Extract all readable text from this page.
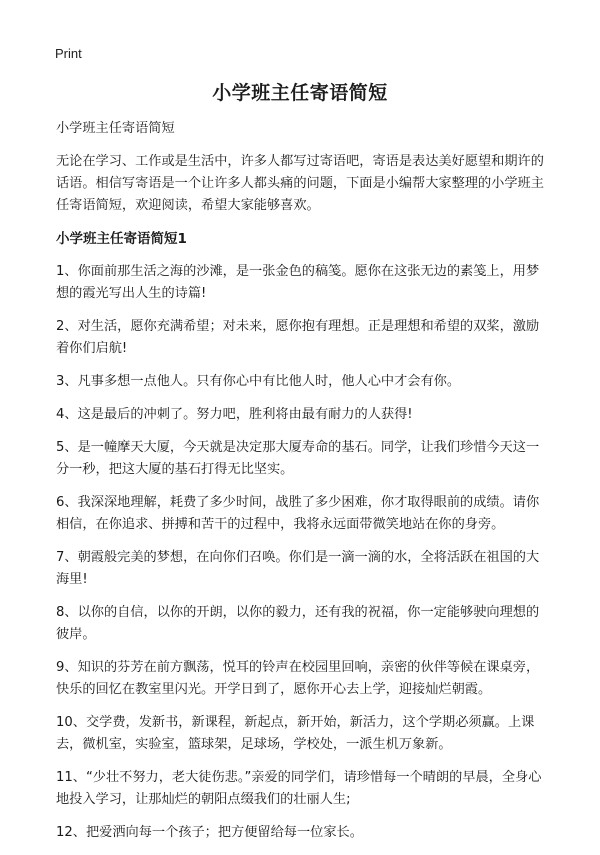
Print
小学班主任寄语简短

小学班主任寄语简短

无论在学习、工作或是生活中，许多人都写过寄语吧，寄语是表达美好愿望和期许的话语。相信写寄语是一个让许多人都头痛的问题，下面是小编帮大家整理的小学班主任寄语简短，欢迎阅读，希望大家能够喜欢。

小学班主任寄语简短1

1、你面前那生活之海的沙滩，是一张金色的稿笺。愿你在这张无边的素笺上，用梦想的霞光写出人生的诗篇!

2、对生活，愿你充满希望；对未来，愿你抱有理想。正是理想和希望的双桨，激励着你们启航!

3、凡事多想一点他人。只有你心中有比他人时，他人心中才会有你。

4、这是最后的冲刺了。努力吧，胜利将由最有耐力的人获得!

5、是一幢摩天大厦，今天就是决定那大厦寿命的基石。同学，让我们珍惜今天这一分一秒，把这大厦的基石打得无比坚实。

6、我深深地理解，耗费了多少时间，战胜了多少困难，你才取得眼前的成绩。请你相信，在你追求、拼搏和苦干的过程中，我将永远面带微笑地站在你的身旁。

7、朝霞般完美的梦想，在向你们召唤。你们是一滴一滴的水，全将活跃在祖国的大海里!

8、以你的自信，以你的开朗，以你的毅力，还有我的祝福，你一定能够驶向理想的彼岸。

9、知识的芬芳在前方飘荡，悦耳的铃声在校园里回响，亲密的伙伴等候在课桌旁，快乐的回忆在教室里闪光。开学日到了，愿你开心去上学，迎接灿烂朝霞。

10、交学费，发新书，新课程，新起点，新开始，新活力，这个学期必须赢。上课去，微机室，实验室，篮球架，足球场，学校处，一派生机万象新。

11、“少壮不努力，老大徒伤悲。”亲爱的同学们，请珍惜每一个晴朗的早晨，全身心地投入学习，让那灿烂的朝阳点缀我们的壮丽人生;

12、把爱洒向每一个孩子；把方便留给每一位家长。
